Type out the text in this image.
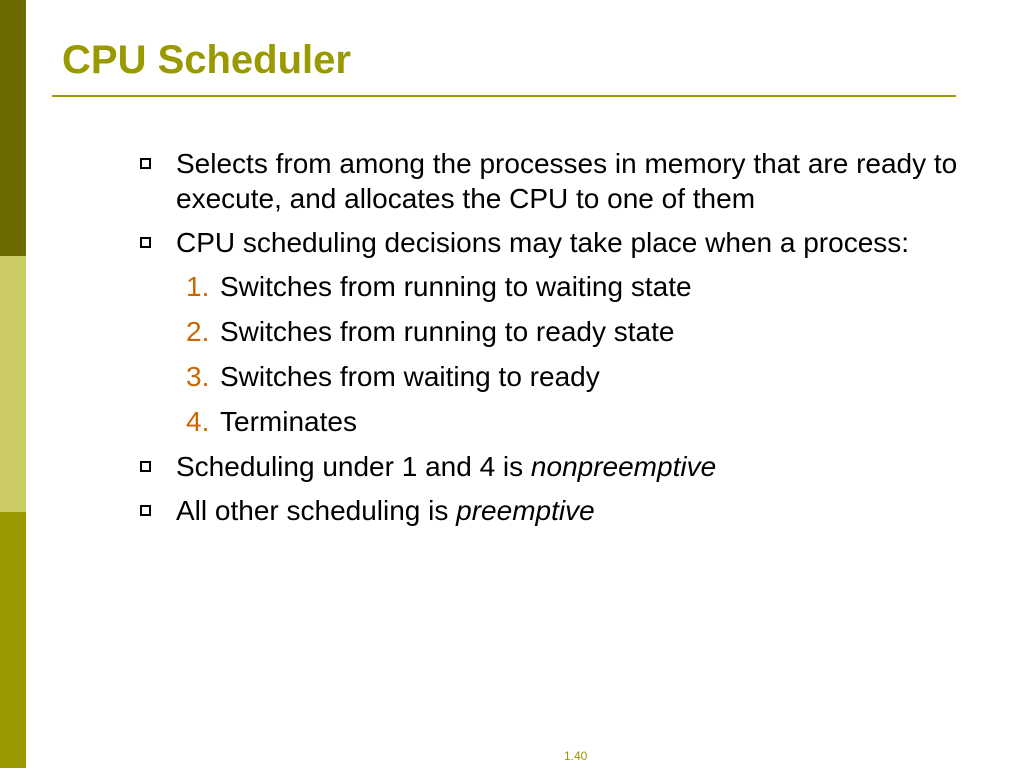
CPU Scheduler
Selects from among the processes in memory that are ready to execute, and allocates the CPU to one of them
CPU scheduling decisions may take place when a process:
1. Switches from running to waiting state
2. Switches from running to ready state
3. Switches from waiting to ready
4. Terminates
Scheduling under 1 and 4 is nonpreemptive
All other scheduling is preemptive
1.40
